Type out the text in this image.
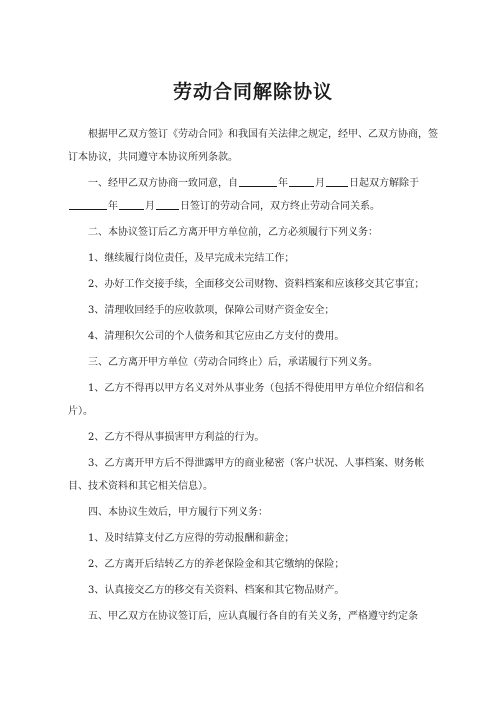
劳动合同解除协议

根据甲乙双方签订《劳动合同》和我国有关法律之规定，经甲、乙双方协商，签订本协议，共同遵守本协议所列条款。

一、经甲乙双方协商一致同意，自	年	月 日起双方解除于年	月	日签订的劳动合同，双方终止劳动合同关系。

二、本协议签订后乙方离开甲方单位前，乙方必须履行下列义务：

1、继续履行岗位责任，及早完成未完结工作；

2、办好工作交接手续，全面移交公司财物、资料档案和应该移交其它事宜；

3、清理收回经手的应收款项，保障公司财产资金安全；

4、清理积欠公司的个人债务和其它应由乙方支付的费用。

三、乙方离开甲方单位（劳动合同终止）后，承诺履行下列义务。

1、乙方不得再以甲方名义对外从事业务（包括不得使用甲方单位介绍信和名片）。

2、乙方不得从事损害甲方利益的行为。

3、乙方离开甲方后不得泄露甲方的商业秘密（客户状况、人事档案、财务帐目、技术资料和其它相关信息）。

四、本协议生效后，甲方履行下列义务：

1、及时结算支付乙方应得的劳动报酬和薪金；

2、乙方离开后结转乙方的养老保险金和其它缴纳的保险；

3、认真接交乙方的移交有关资料、档案和其它物品财产。

五、甲乙双方在协议签订后，应认真履行各自的有关义务，严格遵守约定条
